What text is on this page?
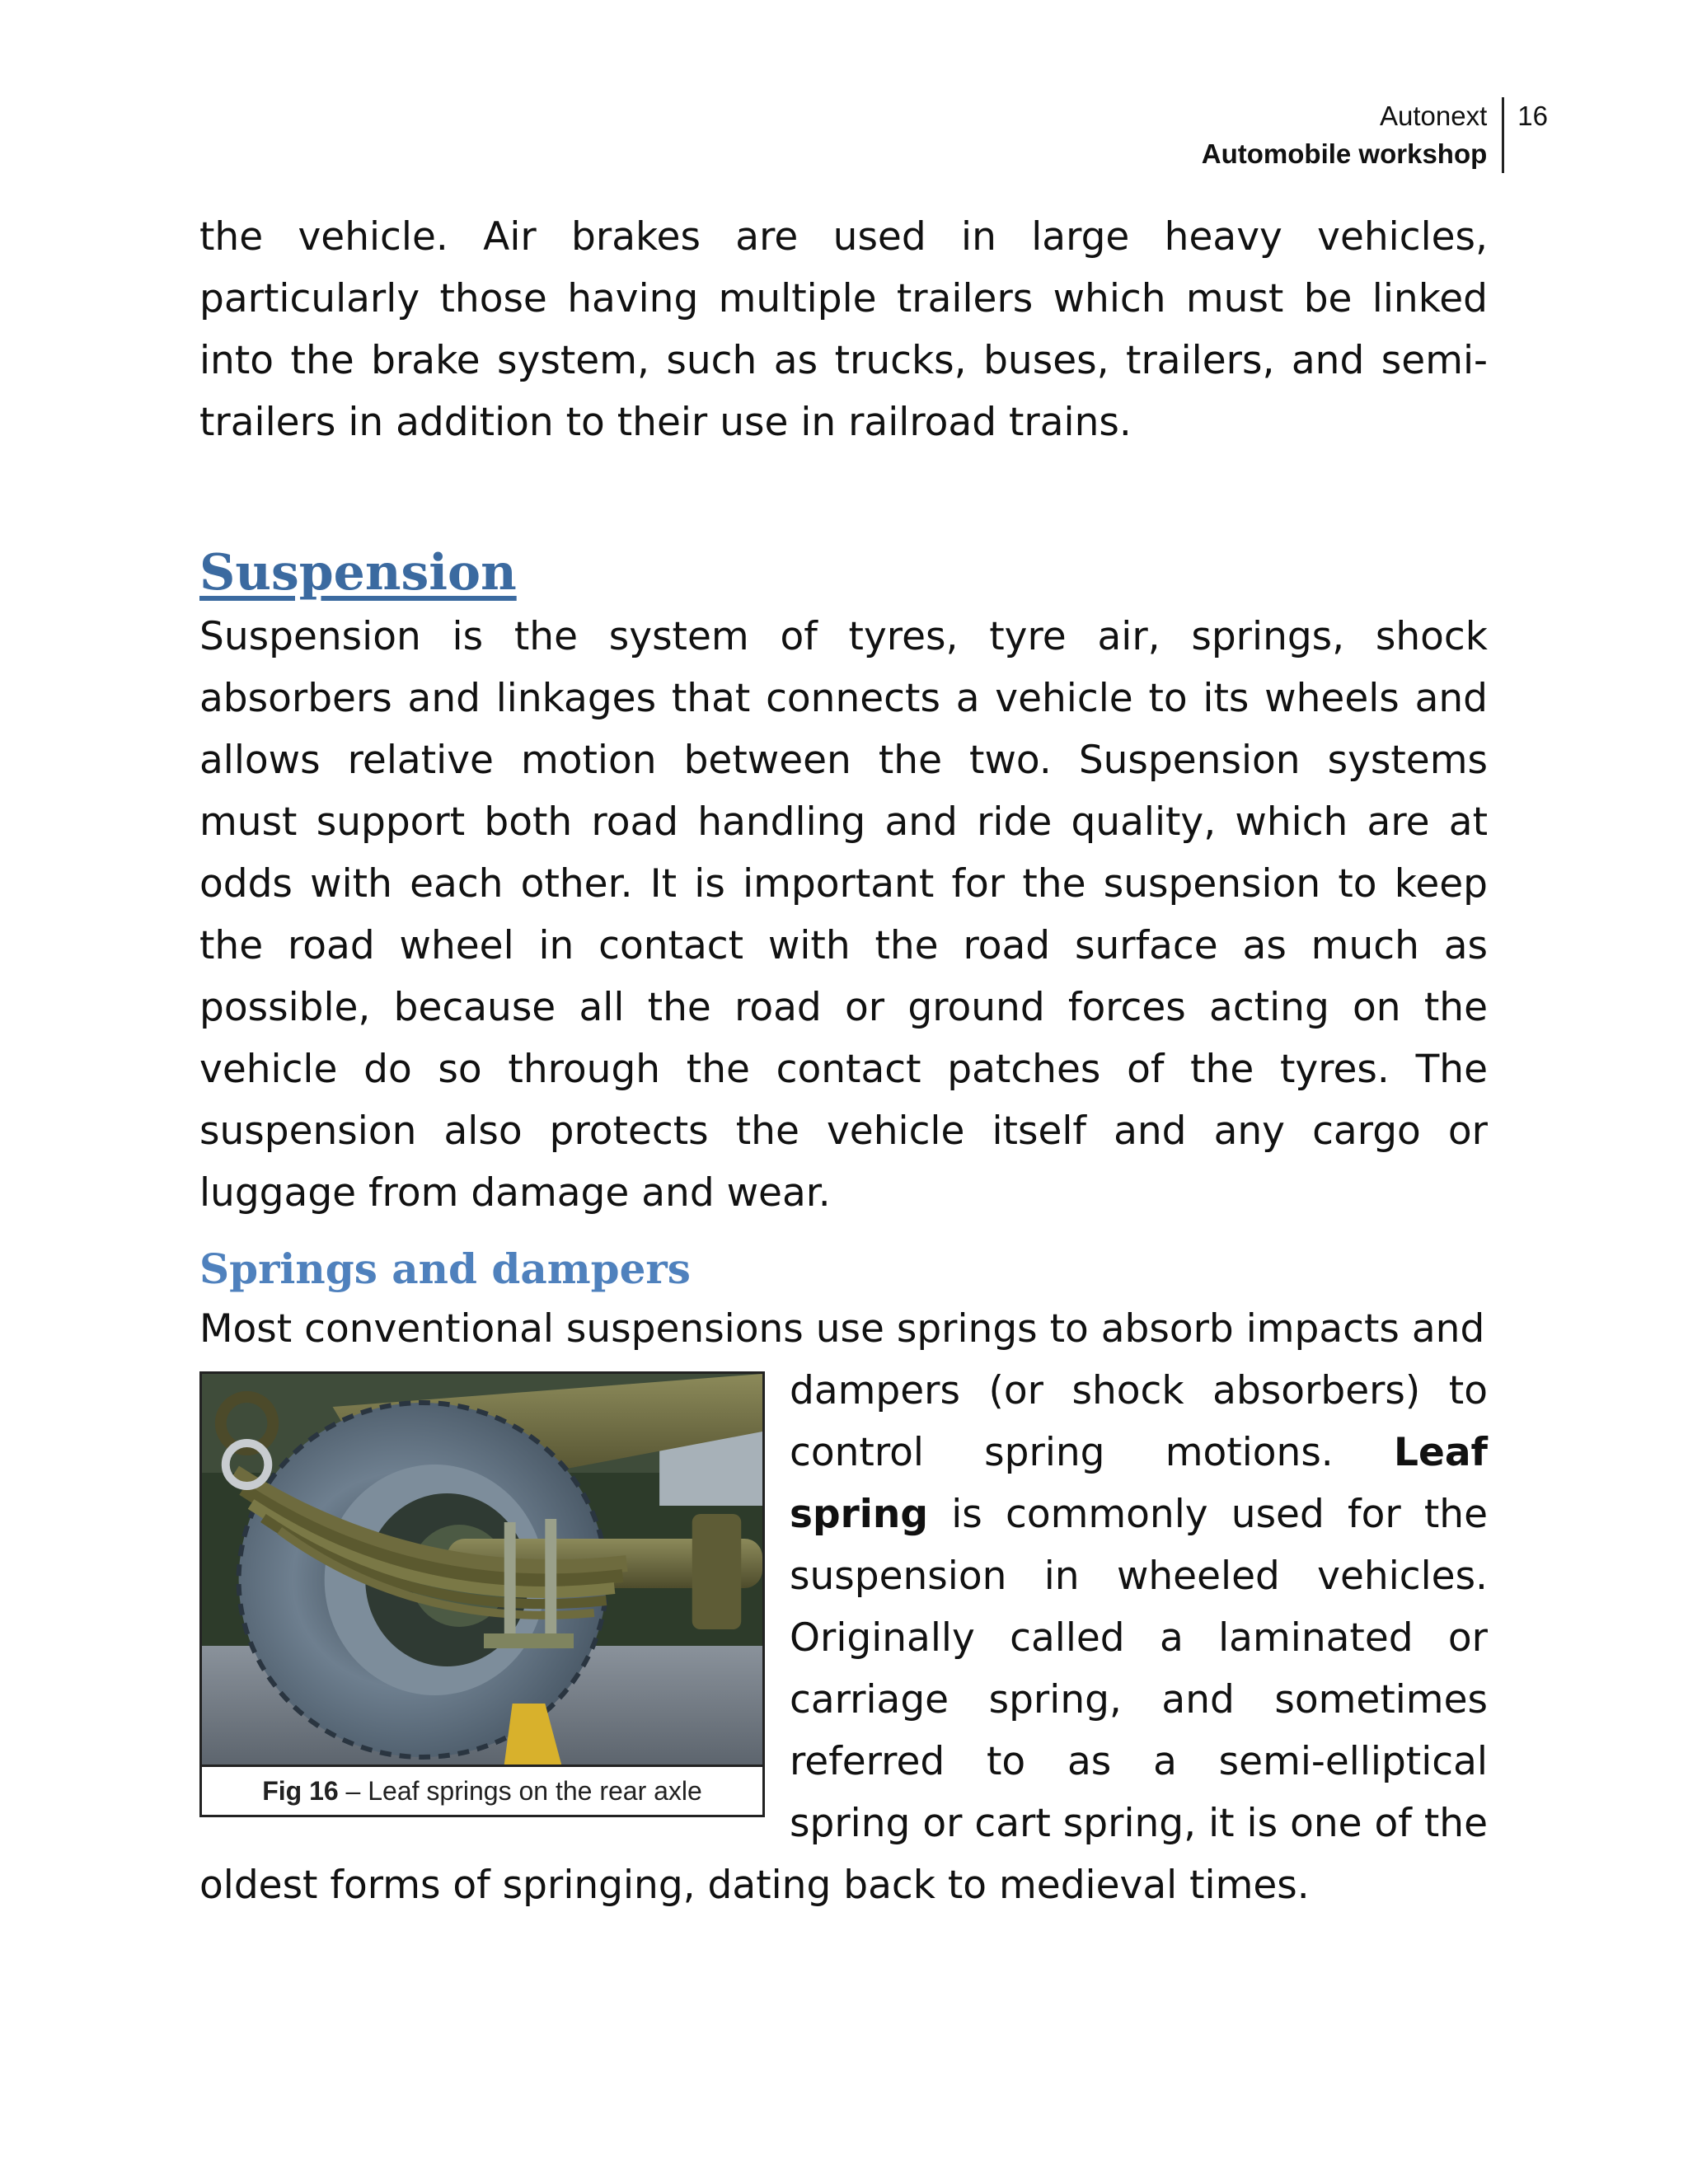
Autonext
Automobile workshop
16

the vehicle. Air brakes are used in large heavy vehicles, particularly those having multiple trailers which must be linked into the brake system, such as trucks, buses, trailers, and semi-trailers in addition to their use in railroad trains.

Suspension

Suspension is the system of tyres, tyre air, springs, shock absorbers and linkages that connects a vehicle to its wheels and allows relative motion between the two. Suspension systems must support both road handling and ride quality, which are at odds with each other. It is important for the suspension to keep the road wheel in contact with the road surface as much as possible, because all the road or ground forces acting on the vehicle do so through the contact patches of the tyres. The suspension also protects the vehicle itself and any cargo or luggage from damage and wear.

Springs and dampers

Most conventional suspensions use springs to absorb impacts and

Fig 16 – Leaf springs on the rear axle

dampers (or shock absorbers) to control spring motions. Leaf spring is commonly used for the suspension in wheeled vehicles. Originally called a laminated or carriage spring, and sometimes referred to as a semi-elliptical spring or cart spring, it is one of the oldest forms of springing, dating back to medieval times.
